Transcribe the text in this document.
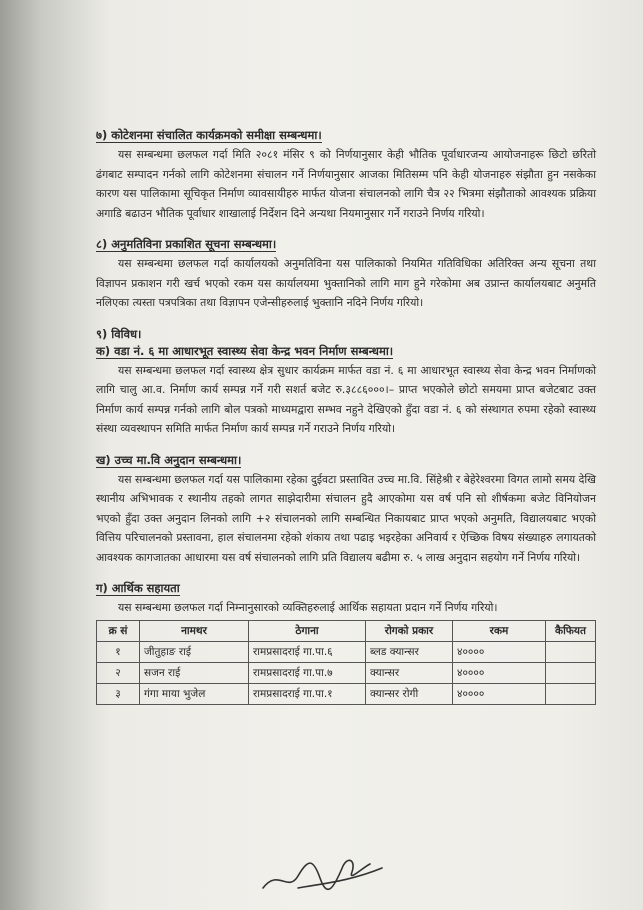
७) कोटेशनमा संचालित कार्यक्रमको समीक्षा सम्बन्धमा।

यस सम्बन्धमा छलफल गर्दा मिति २०८१ मंसिर ९ को निर्णयानुसार केही भौतिक पूर्वाधारजन्य आयोजनाहरू छिटो छरितो ढंगबाट सम्पादन गर्नको लागि कोटेशनमा संचालन गर्ने निर्णयानुसार आजका मितिसम्म पनि केही योजनाहरु संझौता हुन नसकेका कारण यस पालिकामा सूचिकृत निर्माण व्यावसायीहरु मार्फत योजना संचालनको लागि चैत्र २२ भित्रमा संझौताको आवश्यक प्रक्रिया अगाडि बढाउन भौतिक पूर्वाधार शाखालाई निर्देशन दिने अन्यथा नियमानुसार गर्ने गराउने निर्णय गरियो।

८) अनुमतिविना प्रकाशित सूचना सम्बन्धमा।

यस सम्बन्धमा छलफल गर्दा कार्यालयको अनुमतिविना यस पालिकाको नियमित गतिविधिका अतिरिक्त अन्य सूचना तथा विज्ञापन प्रकाशन गरी खर्च भएको रकम यस कार्यालयमा भुक्तानिको लागि माग हुने गरेकोमा अब उप्रान्त कार्यालयबाट अनुमति नलिएका त्यस्ता पत्रपत्रिका तथा विज्ञापन एजेन्सीहरुलाई भुक्तानि नदिने निर्णय गरियो।

९) विविध।
क) वडा नं. ६ मा आधारभूत स्वास्थ्य सेवा केन्द्र भवन निर्माण सम्बन्धमा।

यस सम्बन्धमा छलफल गर्दा स्वास्थ्य क्षेत्र सुधार कार्यक्रम मार्फत वडा नं. ६ मा आधारभूत स्वास्थ्य सेवा केन्द्र भवन निर्माणको लागि चालु आ.व. निर्माण कार्य सम्पन्न गर्ने गरी सशर्त बजेट रु.३८८६०००।– प्राप्त भएकोले छोटो समयमा प्राप्त बजेटबाट उक्त निर्माण कार्य सम्पन्न गर्नको लागि बोल पत्रको माध्यमद्वारा सम्भव नहुने देखिएको हुँदा वडा नं. ६ को संस्थागत रुपमा रहेको स्वास्थ्य संस्था व्यवस्थापन समिति मार्फत निर्माण कार्य सम्पन्न गर्ने गराउने निर्णय गरियो।

ख) उच्च मा.वि अनुदान सम्बन्धमा।

यस सम्बन्धमा छलफल गर्दा यस पालिकामा रहेका दुईवटा प्रस्तावित उच्च मा.वि. सिंहेश्री र बेहेरेश्वरमा विगत लामो समय देखि स्थानीय अभिभावक र स्थानीय तहको लागत साझेदारीमा संचालन हुदै आएकोमा यस वर्ष पनि सो शीर्षकमा बजेट विनियोजन भएको हुँदा उक्त अनुदान लिनको लागि +२ संचालनको लागि सम्बन्धित निकायबाट प्राप्त भएको अनुमति, विद्यालयबाट भएको वित्तिय परिचालनको प्रस्तावना, हाल संचालनमा रहेको शंकाय तथा पढाइ भइरहेका अनिवार्य र ऐच्छिक विषय संख्याहरु लगायतको आवश्यक कागजातका आधारमा यस वर्ष संचालनको लागि प्रति विद्यालय बढीमा रु. ५ लाख अनुदान सहयोग गर्ने निर्णय गरियो।

ग) आर्थिक सहायता

यस सम्बन्धमा छलफल गर्दा निम्नानुसारको व्यक्तिहरुलाई आर्थिक सहायता प्रदान गर्ने निर्णय गरियो।

क्र सं	नामथर	ठेगाना	रोगको प्रकार	रकम	कैफियत
१	जीतुहाङ राई	रामप्रसादराई गा.पा.६	ब्लड क्यान्सर	४००००	
२	सजन राई	रामप्रसादराई गा.पा.७	क्यान्सर	४००००	
३	गंगा माया भुजेल	रामप्रसादराई गा.पा.१	क्यान्सर रोगी	४००००	
